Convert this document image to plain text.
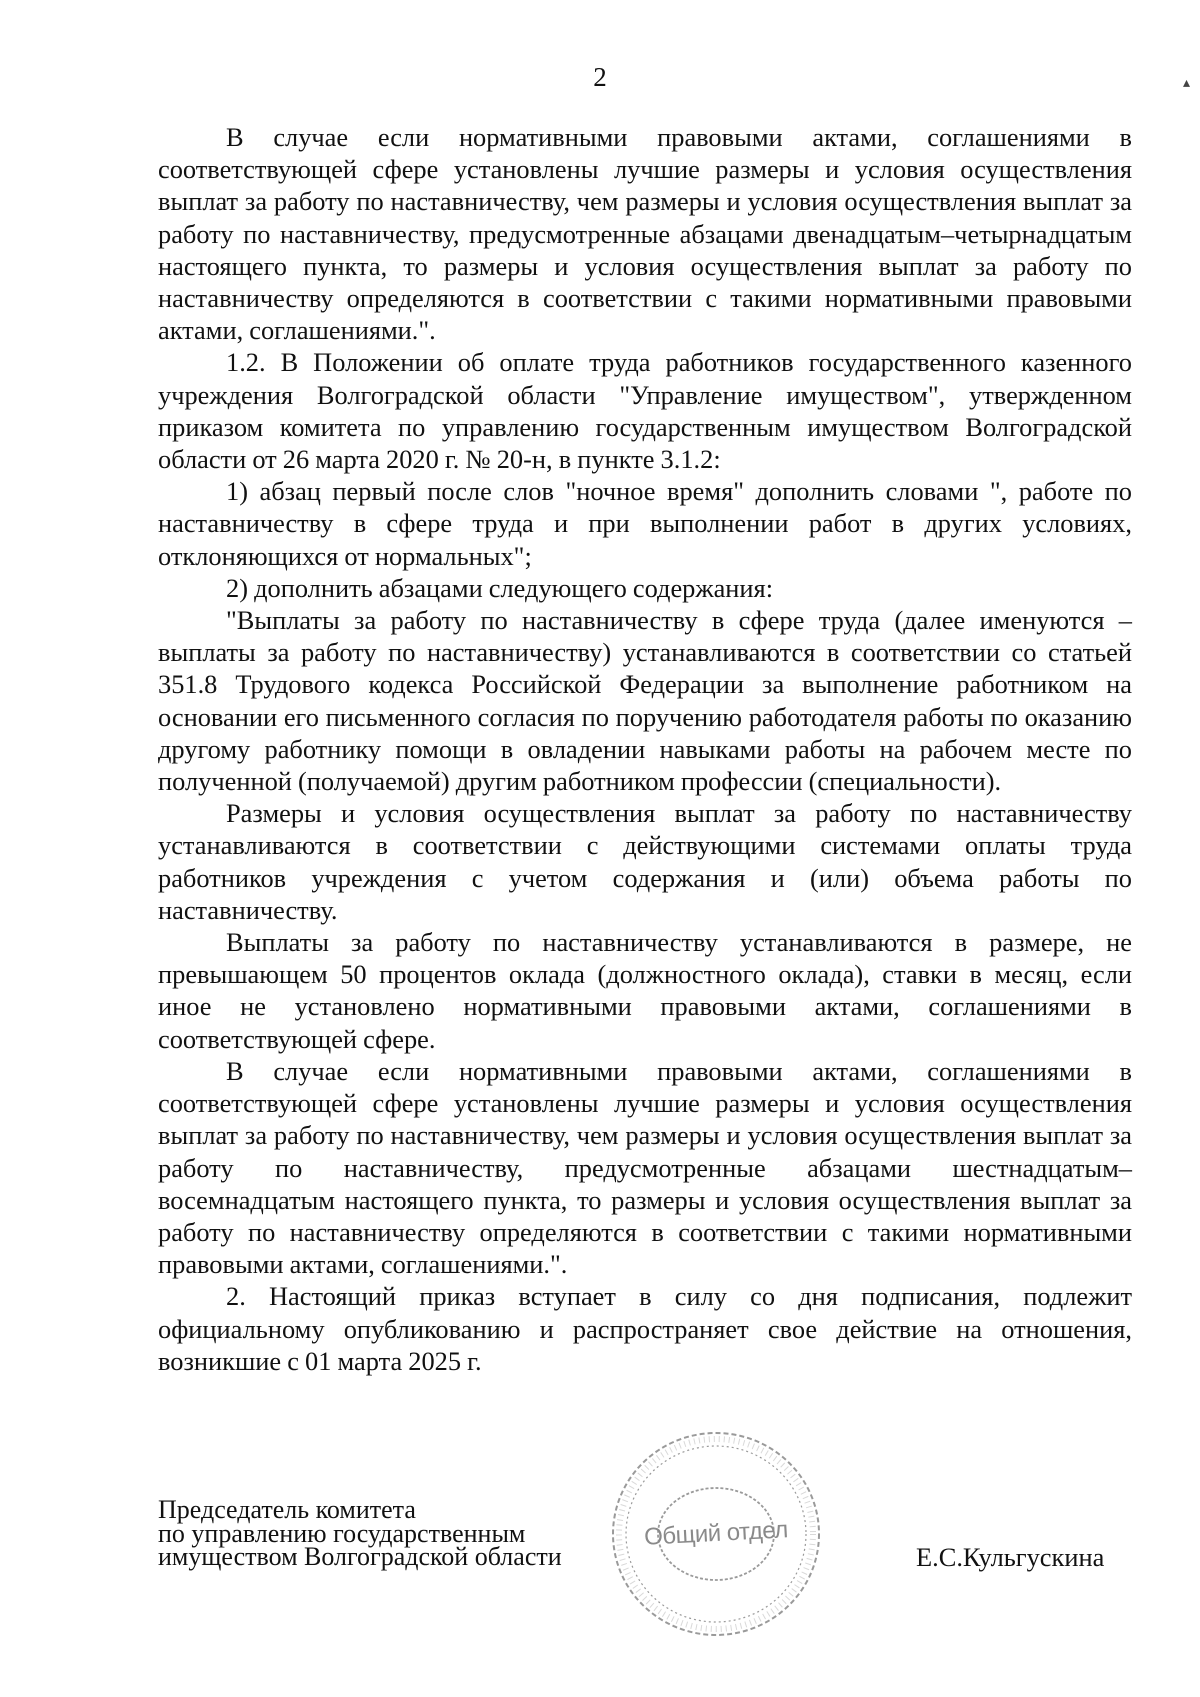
2

В случае если нормативными правовыми актами, соглашениями в соответствующей сфере установлены лучшие размеры и условия осуществления выплат за работу по наставничеству, чем размеры и условия осуществления выплат за работу по наставничеству, предусмотренные абзацами двенадцатым–четырнадцатым настоящего пункта, то размеры и условия осуществления выплат за работу по наставничеству определяются в соответствии с такими нормативными правовыми актами, соглашениями.".

1.2. В Положении об оплате труда работников государственного казенного учреждения Волгоградской области "Управление имуществом", утвержденном приказом комитета по управлению государственным имуществом Волгоградской области от 26 марта 2020 г. № 20-н, в пункте 3.1.2:

1) абзац первый после слов "ночное время" дополнить словами ", работе по наставничеству в сфере труда и при выполнении работ в других условиях, отклоняющихся от нормальных";

2) дополнить абзацами следующего содержания:

"Выплаты за работу по наставничеству в сфере труда (далее именуются – выплаты за работу по наставничеству) устанавливаются в соответствии со статьей 351.8 Трудового кодекса Российской Федерации за выполнение работником на основании его письменного согласия по поручению работодателя работы по оказанию другому работнику помощи в овладении навыками работы на рабочем месте по полученной (получаемой) другим работником профессии (специальности).

Размеры и условия осуществления выплат за работу по наставничеству устанавливаются в соответствии с действующими системами оплаты труда работников учреждения с учетом содержания и (или) объема работы по наставничеству.

Выплаты за работу по наставничеству устанавливаются в размере, не превышающем 50 процентов оклада (должностного оклада), ставки в месяц, если иное не установлено нормативными правовыми актами, соглашениями в соответствующей сфере.

В случае если нормативными правовыми актами, соглашениями в соответствующей сфере установлены лучшие размеры и условия осуществления выплат за работу по наставничеству, чем размеры и условия осуществления выплат за работу по наставничеству, предусмотренные абзацами шестнадцатым–восемнадцатым настоящего пункта, то размеры и условия осуществления выплат за работу по наставничеству определяются в соответствии с такими нормативными правовыми актами, соглашениями.".

2. Настоящий приказ вступает в силу со дня подписания, подлежит официальному опубликованию и распространяет свое действие на отношения, возникшие с 01 марта 2025 г.

Председатель комитета
по управлению государственным
имуществом Волгоградской области
Общий отдел
Е.С.Кульгускина
▴
